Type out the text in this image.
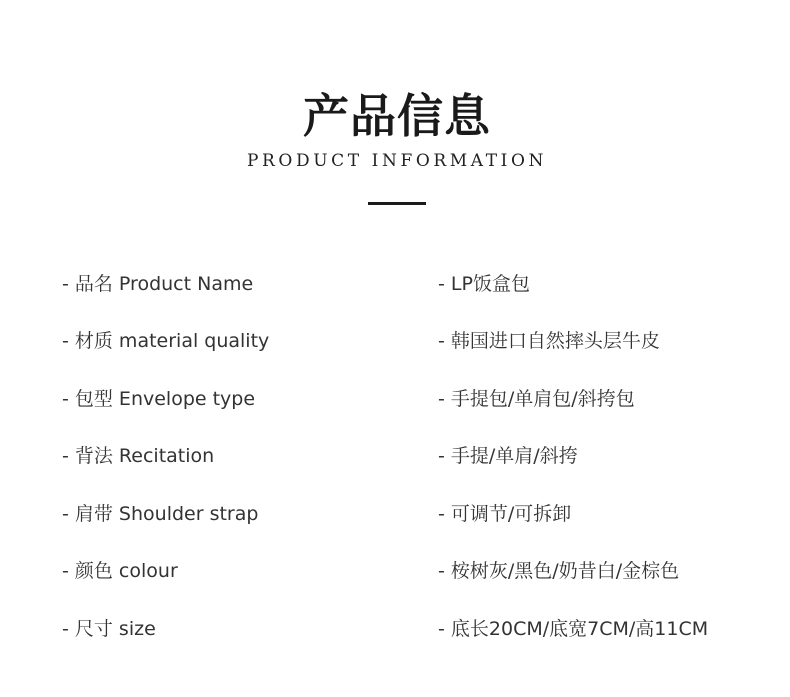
产品信息
PRODUCT INFORMATION
- 品名 Product Name	- LP饭盒包
- 材质 material quality	- 韩国进口自然摔头层牛皮
- 包型 Envelope type	- 手提包/单肩包/斜挎包
- 背法 Recitation	- 手提/单肩/斜挎
- 肩带 Shoulder strap	- 可调节/可拆卸
- 颜色 colour	- 桉树灰/黑色/奶昔白/金棕色
- 尺寸 size	- 底长20CM/底宽7CM/高11CM
